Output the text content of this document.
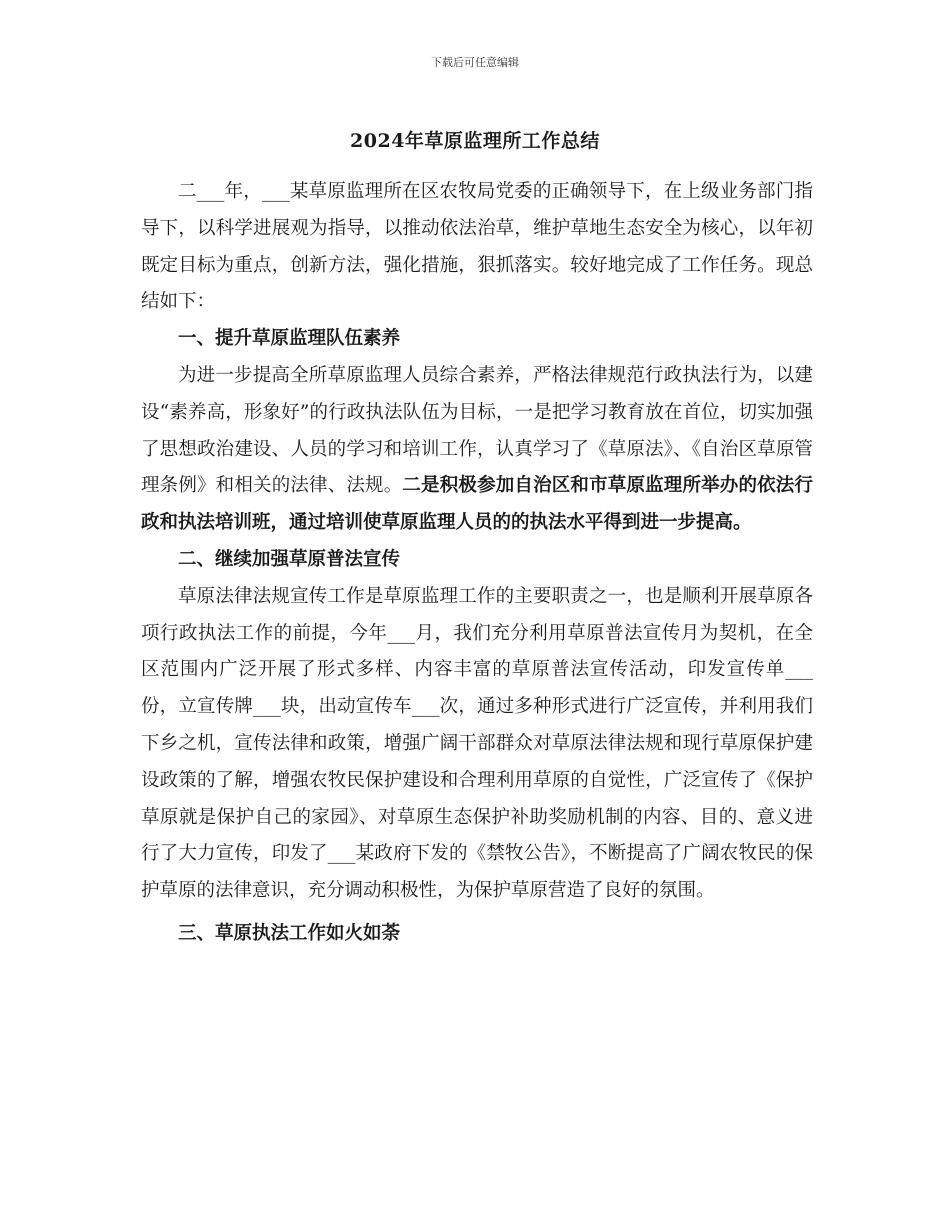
下载后可任意编辑
2024年草原监理所工作总结

二___年，___某草原监理所在区农牧局党委的正确领导下，在上级业务部门指导下，以科学进展观为指导，以推动依法治草，维护草地生态安全为核心，以年初既定目标为重点，创新方法，强化措施，狠抓落实。较好地完成了工作任务。现总结如下：

一、提升草原监理队伍素养

为进一步提高全所草原监理人员综合素养，严格法律规范行政执法行为，以建设“素养高，形象好”的行政执法队伍为目标，一是把学习教育放在首位，切实加强了思想政治建设、人员的学习和培训工作，认真学习了《草原法》、《自治区草原管理条例》和相关的法律、法规。二是积极参加自治区和市草原监理所举办的依法行政和执法培训班，通过培训使草原监理人员的的执法水平得到进一步提高。

二、继续加强草原普法宣传

草原法律法规宣传工作是草原监理工作的主要职责之一，也是顺利开展草原各项行政执法工作的前提，今年___月，我们充分利用草原普法宣传月为契机，在全区范围内广泛开展了形式多样、内容丰富的草原普法宣传活动，印发宣传单___份，立宣传牌___块，出动宣传车___次，通过多种形式进行广泛宣传，并利用我们下乡之机，宣传法律和政策，增强广阔干部群众对草原法律法规和现行草原保护建设政策的了解，增强农牧民保护建设和合理利用草原的自觉性，广泛宣传了《保护草原就是保护自己的家园》、对草原生态保护补助奖励机制的内容、目的、意义进行了大力宣传，印发了___某政府下发的《禁牧公告》，不断提高了广阔农牧民的保护草原的法律意识，充分调动积极性，为保护草原营造了良好的氛围。

三、草原执法工作如火如荼
